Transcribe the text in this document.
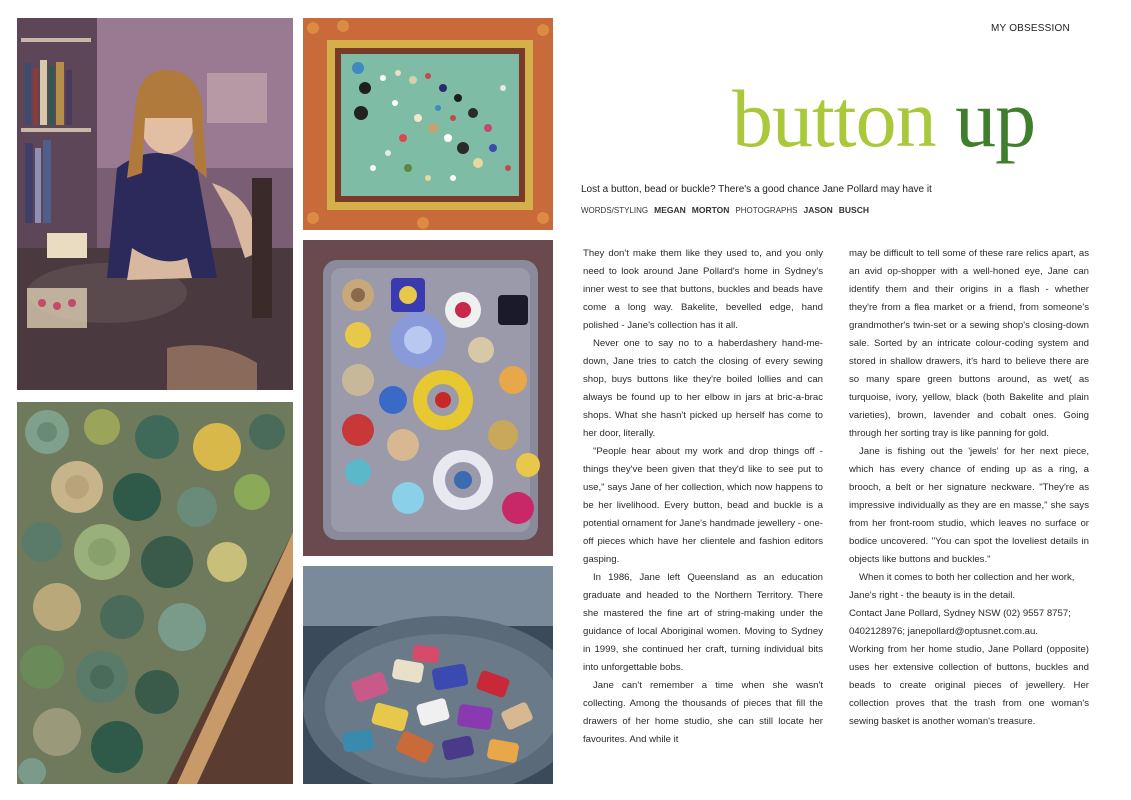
MY OBSESSION
button up
Lost a button, bead or buckle? There's a good chance Jane Pollard may have it
WORDS/STYLING MEGAN MORTON PHOTOGRAPHS JASON BUSCH

They don't make them like they used to, and you only need to look around Jane Pollard's home in Sydney's inner west to see that buttons, buckles and beads have come a long way. Bakelite, bevelled edge, hand polished - Jane's collection has it all.

Never one to say no to a haberdashery hand-me-down, Jane tries to catch the closing of every sewing shop, buys buttons like they're boiled lollies and can always be found up to her elbow in jars at bric-a-brac shops. What she hasn't picked up herself has come to her door, literally.

"People hear about my work and drop things off - things they've been given that they'd like to see put to use," says Jane of her collection, which now happens to be her livelihood. Every button, bead and buckle is a potential ornament for Jane's handmade jewellery - one-off pieces which have her clientele and fashion editors gasping.

In 1986, Jane left Queensland as an education graduate and headed to the Northern Territory. There she mastered the fine art of string-making under the guidance of local Aboriginal women. Moving to Sydney in 1999, she continued her craft, turning individual bits into unforgettable bobs.

Jane can't remember a time when she wasn't collecting. Among the thousands of pieces that fill the drawers of her home studio, she can still locate her favourites. And while it

may be difficult to tell some of these rare relics apart, as an avid op-shopper with a well-honed eye, Jane can identify them and their origins in a flash - whether they're from a flea market or a friend, from someone's grandmother's twin-set or a sewing shop's closing-down sale. Sorted by an intricate colour-coding system and stored in shallow drawers, it's hard to believe there are so many spare green buttons around, as wet( as turquoise, ivory, yellow, black (both Bakelite and plain varieties), brown, lavender and cobalt ones. Going through her sorting tray is like panning for gold.

Jane is fishing out the 'jewels' for her next piece, which has every chance of ending up as a ring, a brooch, a belt or her signature neckware. "They're as impressive individually as they are en masse," she says from her front-room studio, which leaves no surface or bodice uncovered. "You can spot the loveliest details in objects like buttons and buckles."

When it comes to both her collection and her work, Jane's right - the beauty is in the detail.

Contact Jane Pollard, Sydney NSW (02) 9557 8757; 0402128976; janepollard@optusnet.com.au.

Working from her home studio, Jane Pollard (opposite) uses her extensive collection of buttons, buckles and beads to create original pieces of jewellery. Her collection proves that the trash from one woman's sewing basket is another woman's treasure.
